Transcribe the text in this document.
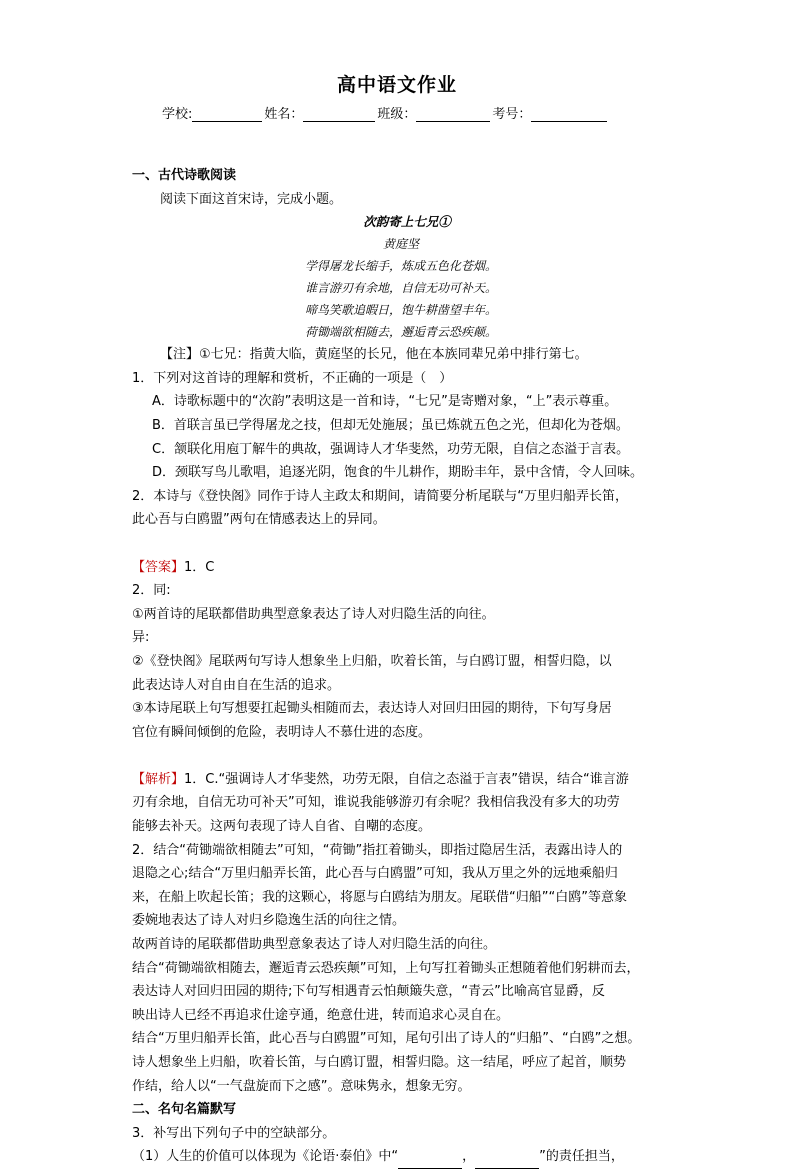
高中语文作业
学校:	姓名：	班级：	考号：
一、古代诗歌阅读
阅读下面这首宋诗，完成小题。
次韵寄上七兄①
黄庭坚
学得屠龙长缩手，炼成五色化苍烟。
谁言游刃有余地，自信无功可补天。
啼鸟笑歌追暇日，饱牛耕凿望丰年。
荷锄端欲相随去，邂逅青云恐疾颠。
【注】①七兄：指黄大临，黄庭坚的长兄，他在本族同辈兄弟中排行第七。
1．下列对这首诗的理解和赏析，不正确的一项是（　）
A．诗歌标题中的“次韵”表明这是一首和诗，“七兄”是寄赠对象，“上”表示尊重。
B．首联言虽已学得屠龙之技，但却无处施展；虽已炼就五色之光，但却化为苍烟。
C．颔联化用庖丁解牛的典故，强调诗人才华斐然，功劳无限，自信之态溢于言表。
D．颈联写鸟儿歌唱，追逐光阴，饱食的牛儿耕作，期盼丰年，景中含情，令人回味。
2．本诗与《登快阁》同作于诗人主政太和期间，请简要分析尾联与“万里归船弄长笛，
此心吾与白鸥盟”两句在情感表达上的异同。
【答案】1．C
2．同:
①两首诗的尾联都借助典型意象表达了诗人对归隐生活的向往。
异:
②《登快阁》尾联两句写诗人想象坐上归船，吹着长笛，与白鸥订盟，相誓归隐，以
此表达诗人对自由自在生活的追求。
③本诗尾联上句写想要扛起锄头相随而去，表达诗人对回归田园的期待，下句写身居
官位有瞬间倾倒的危险，表明诗人不慕仕进的态度。
【解析】1．C.“强调诗人才华斐然，功劳无限，自信之态溢于言表”错误，结合“谁言游
刃有余地，自信无功可补天”可知，谁说我能够游刃有余呢？我相信我没有多大的功劳
能够去补天。这两句表现了诗人自省、自嘲的态度。
2．结合“荷锄端欲相随去”可知，“荷锄”指扛着锄头，即指过隐居生活，表露出诗人的
退隐之心;结合“万里归船弄长笛，此心吾与白鸥盟”可知，我从万里之外的远地乘船归
来，在船上吹起长笛；我的这颗心，将愿与白鸥结为朋友。尾联借“归船”“白鸥”等意象
委婉地表达了诗人对归乡隐逸生活的向往之情。
故两首诗的尾联都借助典型意象表达了诗人对归隐生活的向往。
结合“荷锄端欲相随去，邂逅青云恐疾颠”可知，上句写扛着锄头正想随着他们躬耕而去，
表达诗人对回归田园的期待;下句写相遇青云怕颠簸失意，“青云”比喻高官显爵，反
映出诗人已经不再追求仕途亨通，绝意仕进，转而追求心灵自在。
结合“万里归船弄长笛，此心吾与白鸥盟”可知，尾句引出了诗人的“归船”、“白鸥”之想。
诗人想象坐上归船，吹着长笛，与白鸥订盟，相誓归隐。这一结尾，呼应了起首，顺势
作结，给人以“一气盘旋而下之感”。意味隽永，想象无穷。
二、名句名篇默写
3．补写出下列句子中的空缺部分。
（1）人生的价值可以体现为《论语·泰伯》中“	，	”的责任担当，
